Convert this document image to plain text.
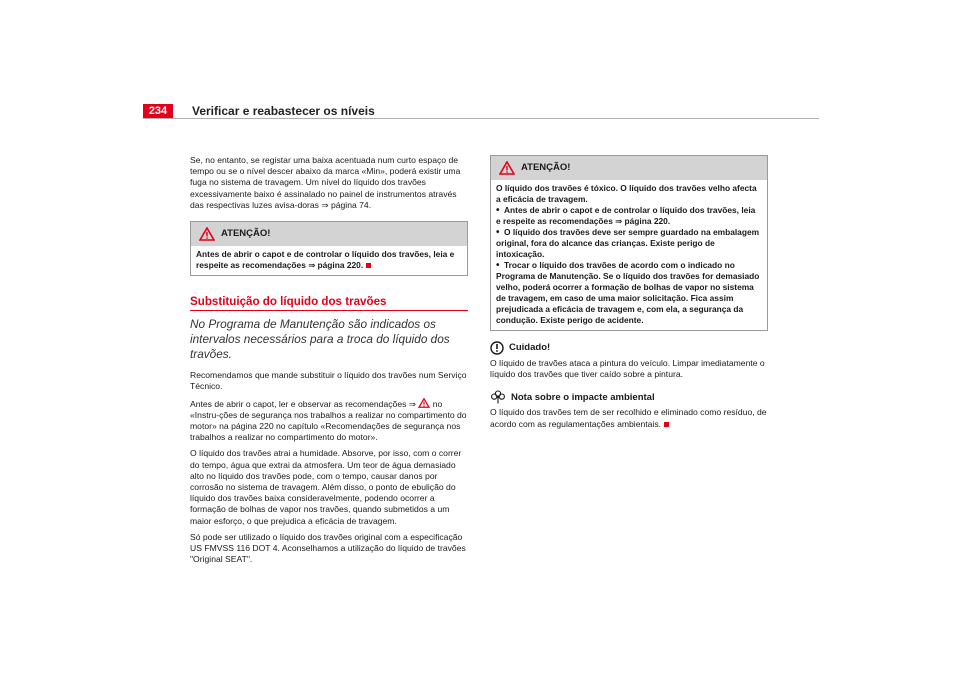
234	Verificar e reabastecer os níveis

Se, no entanto, se registar uma baixa acentuada num curto espaço de tempo ou se o nível descer abaixo da marca «Min», poderá existir uma fuga no sistema de travagem. Um nível do líquido dos travões excessivamente baixo é assinalado no painel de instrumentos através das respectivas luzes avisa-doras ⇒ página 74.

ATENÇÃO!
Antes de abrir o capot e de controlar o líquido dos travões, leia e respeite as recomendações ⇒ página 220.
Substituição do líquido dos travões
No Programa de Manutenção são indicados os intervalos necessários para a troca do líquido dos travões.

Recomendamos que mande substituir o líquido dos travões num Serviço Técnico.

Antes de abrir o capot, ler e observar as recomendações ⇒ no «Instru-ções de segurança nos trabalhos a realizar no compartimento do motor» na página 220 no capítulo «Recomendações de segurança nos trabalhos a realizar no compartimento do motor».

O líquido dos travões atrai a humidade. Absorve, por isso, com o correr do tempo, água que extrai da atmosfera. Um teor de água demasiado alto no líquido dos travões pode, com o tempo, causar danos por corrosão no sistema de travagem. Além disso, o ponto de ebulição do líquido dos travões baixa consideravelmente, podendo ocorrer a formação de bolhas de vapor nos travões, quando submetidos a um maior esforço, o que prejudica a eficácia de travagem.

Só pode ser utilizado o líquido dos travões original com a especificação US FMVSS 116 DOT 4. Aconselhamos a utilização do líquido de travões "Original SEAT".

ATENÇÃO!
O líquido dos travões é tóxico. O líquido dos travões velho afecta a eficácia de travagem.
• Antes de abrir o capot e de controlar o líquido dos travões, leia e respeite as recomendações ⇒ página 220.
• O líquido dos travões deve ser sempre guardado na embalagem original, fora do alcance das crianças. Existe perigo de intoxicação.
• Trocar o líquido dos travões de acordo com o indicado no Programa de Manutenção. Se o líquido dos travões for demasiado velho, poderá ocorrer a formação de bolhas de vapor no sistema de travagem, em caso de uma maior solicitação. Fica assim prejudicada a eficácia de travagem e, com ela, a segurança da condução. Existe perigo de acidente.
Cuidado!

O líquido de travões ataca a pintura do veículo. Limpar imediatamente o líquido dos travões que tiver caído sobre a pintura.

Nota sobre o impacte ambiental

O líquido dos travões tem de ser recolhido e eliminado como resíduo, de acordo com as regulamentações ambientais.
